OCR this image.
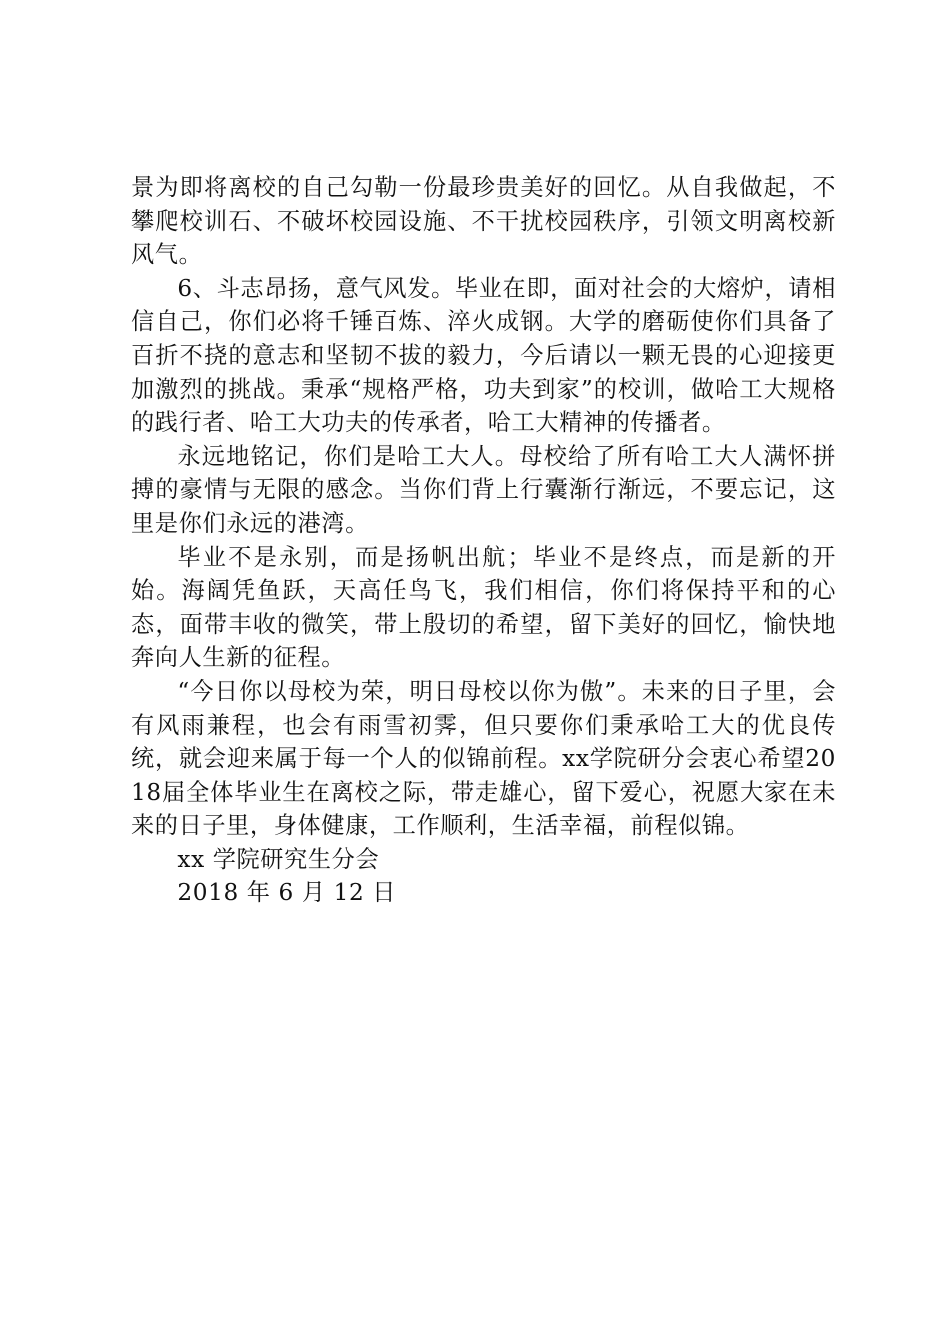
景为即将离校的自己勾勒一份最珍贵美好的回忆。从自我做起，不攀爬校训石、不破坏校园设施、不干扰校园秩序，引领文明离校新风气。

6、斗志昂扬，意气风发。毕业在即，面对社会的大熔炉，请相信自己，你们必将千锤百炼、淬火成钢。大学的磨砺使你们具备了百折不挠的意志和坚韧不拔的毅力，今后请以一颗无畏的心迎接更加激烈的挑战。秉承“规格严格，功夫到家”的校训，做哈工大规格的践行者、哈工大功夫的传承者，哈工大精神的传播者。

永远地铭记，你们是哈工大人。母校给了所有哈工大人满怀拼搏的豪情与无限的感念。当你们背上行囊渐行渐远，不要忘记，这里是你们永远的港湾。

毕业不是永别，而是扬帆出航；毕业不是终点，而是新的开始。海阔凭鱼跃，天高任鸟飞，我们相信，你们将保持平和的心态，面带丰收的微笑，带上殷切的希望，留下美好的回忆，愉快地奔向人生新的征程。

“今日你以母校为荣，明日母校以你为傲”。未来的日子里，会有风雨兼程，也会有雨雪初霁，但只要你们秉承哈工大的优良传统，就会迎来属于每一个人的似锦前程。xx学院研分会衷心希望2018届全体毕业生在离校之际，带走雄心，留下爱心，祝愿大家在未来的日子里，身体健康，工作顺利，生活幸福，前程似锦。

xx 学院研究生分会

2018 年 6 月 12 日
